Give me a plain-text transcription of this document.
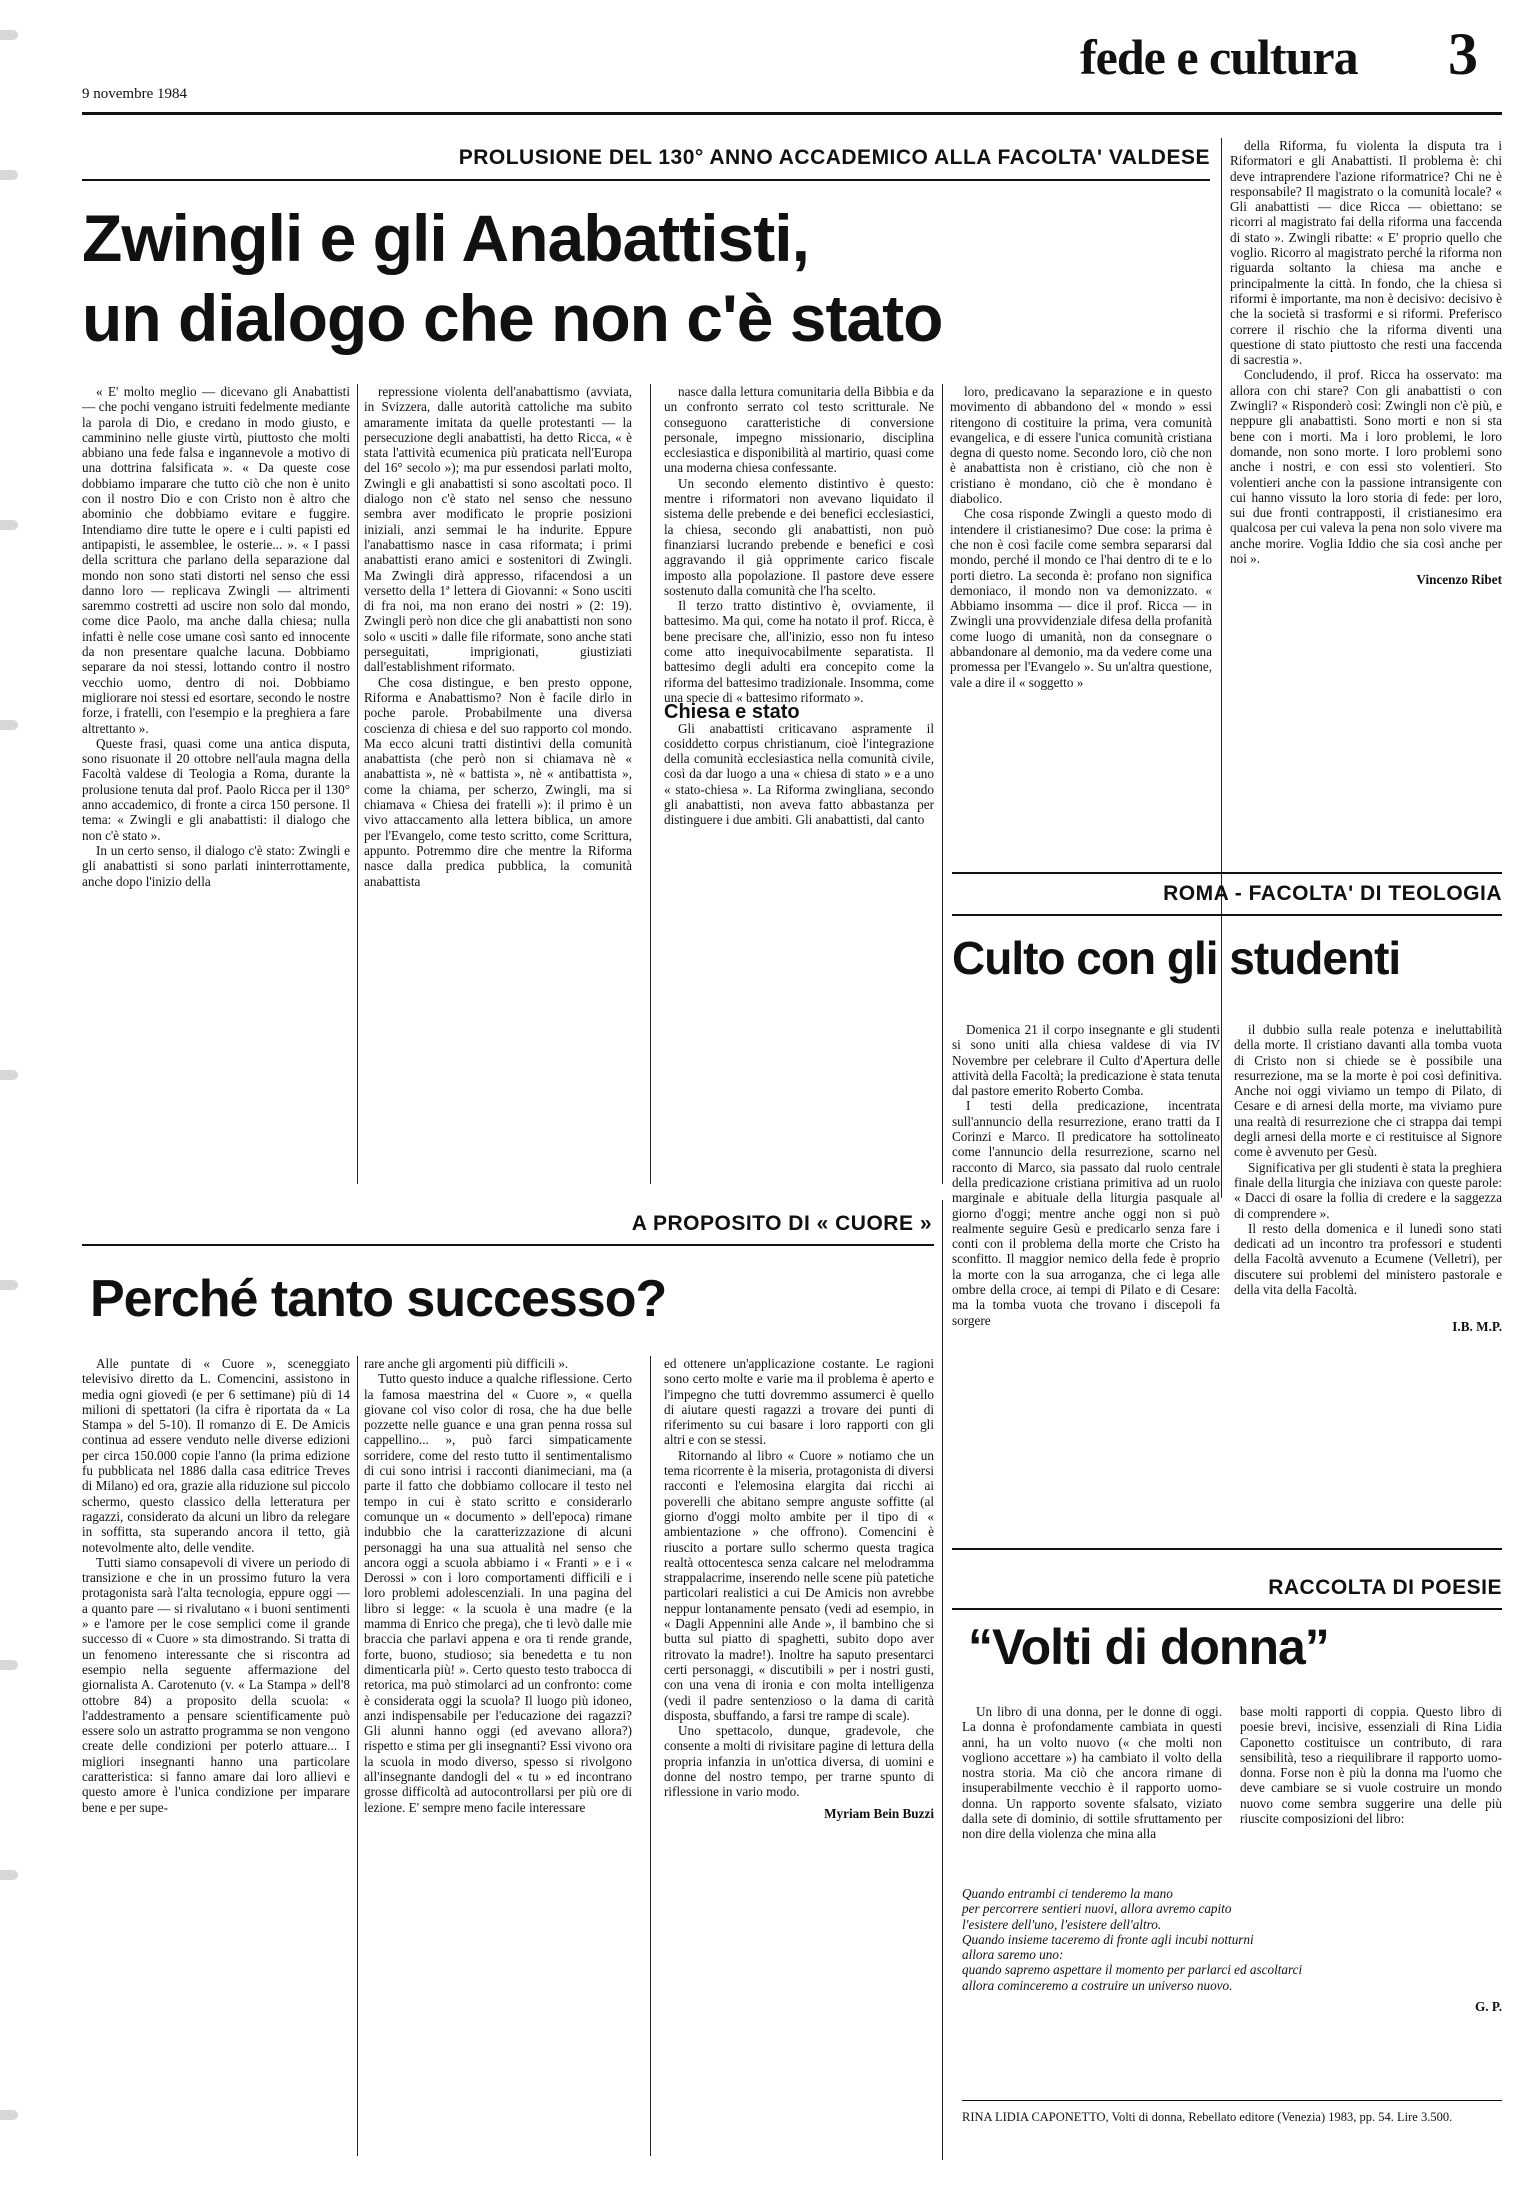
9 novembre 1984
fede e cultura 3
PROLUSIONE DEL 130° ANNO ACCADEMICO ALLA FACOLTA' VALDESE
Zwingli e gli Anabattisti,
un dialogo che non c'è stato

« E' molto meglio — dicevano gli Anabattisti — che pochi vengano istruiti fedelmente mediante la parola di Dio, e credano in modo giusto, e camminino nelle giuste virtù, piuttosto che molti abbiano una fede falsa e ingannevole a motivo di una dottrina falsificata ». « Da queste cose dobbiamo imparare che tutto ciò che non è unito con il nostro Dio e con Cristo non è altro che abominio che dobbiamo evitare e fuggire. Intendiamo dire tutte le opere e i culti papisti ed antipapisti, le assemblee, le osterie... ». « I passi della scrittura che parlano della separazione dal mondo non sono stati distorti nel senso che essi danno loro — replicava Zwingli — altrimenti saremmo costretti ad uscire non solo dal mondo, come dice Paolo, ma anche dalla chiesa; nulla infatti è nelle cose umane così santo ed innocente da non presentare qualche lacuna. Dobbiamo separare da noi stessi, lottando contro il nostro vecchio uomo, dentro di noi. Dobbiamo migliorare noi stessi ed esortare, secondo le nostre forze, i fratelli, con l'esempio e la preghiera a fare altrettanto ».

Queste frasi, quasi come una antica disputa, sono risuonate il 20 ottobre nell'aula magna della Facoltà valdese di Teologia a Roma, durante la prolusione tenuta dal prof. Paolo Ricca per il 130° anno accademico, di fronte a circa 150 persone. Il tema: « Zwingli e gli anabattisti: il dialogo che non c'è stato ».

In un certo senso, il dialogo c'è stato: Zwingli e gli anabattisti si sono parlati ininterrottamente, anche dopo l'inizio della

repressione violenta dell'anabattismo (avviata, in Svizzera, dalle autorità cattoliche ma subito amaramente imitata da quelle protestanti — la persecuzione degli anabattisti, ha detto Ricca, « è stata l'attività ecumenica più praticata nell'Europa del 16° secolo »); ma pur essendosi parlati molto, Zwingli e gli anabattisti si sono ascoltati poco. Il dialogo non c'è stato nel senso che nessuno sembra aver modificato le proprie posizioni iniziali, anzi semmai le ha indurite. Eppure l'anabattismo nasce in casa riformata; i primi anabattisti erano amici e sostenitori di Zwingli. Ma Zwingli dirà appresso, rifacendosi a un versetto della 1ª lettera di Giovanni: « Sono usciti di fra noi, ma non erano dei nostri » (2: 19). Zwingli però non dice che gli anabattisti non sono solo « usciti » dalle file riformate, sono anche stati perseguitati, imprigionati, giustiziati dall'establishment riformato.

Che cosa distingue, e ben presto oppone, Riforma e Anabattismo? Non è facile dirlo in poche parole. Probabilmente una diversa coscienza di chiesa e del suo rapporto col mondo. Ma ecco alcuni tratti distintivi della comunità anabattista (che però non si chiamava nè « anabattista », nè « battista », nè « antibattista », come la chiama, per scherzo, Zwingli, ma si chiamava « Chiesa dei fratelli »): il primo è un vivo attaccamento alla lettera biblica, un amore per l'Evangelo, come testo scritto, come Scrittura, appunto. Potremmo dire che mentre la Riforma nasce dalla predica pubblica, la comunità anabattista

nasce dalla lettura comunitaria della Bibbia e da un confronto serrato col testo scritturale. Ne conseguono caratteristiche di conversione personale, impegno missionario, disciplina ecclesiastica e disponibilità al martirio, quasi come una moderna chiesa confessante.

Un secondo elemento distintivo è questo: mentre i riformatori non avevano liquidato il sistema delle prebende e dei benefici ecclesiastici, la chiesa, secondo gli anabattisti, non può finanziarsi lucrando prebende e benefici e così aggravando il già opprimente carico fiscale imposto alla popolazione. Il pastore deve essere sostenuto dalla comunità che l'ha scelto.

Il terzo tratto distintivo è, ovviamente, il battesimo. Ma qui, come ha notato il prof. Ricca, è bene precisare che, all'inizio, esso non fu inteso come atto inequivocabilmente separatista. Il battesimo degli adulti era concepito come la riforma del battesimo tradizionale. Insomma, come una specie di « battesimo riformato ».

Chiesa e stato

Gli anabattisti criticavano aspramente il cosiddetto corpus christianum, cioè l'integrazione della comunità ecclesiastica nella comunità civile, così da dar luogo a una « chiesa di stato » e a uno « stato-chiesa ». La Riforma zwingliana, secondo gli anabattisti, non aveva fatto abbastanza per distinguere i due ambiti. Gli anabattisti, dal canto

loro, predicavano la separazione e in questo movimento di abbandono del « mondo » essi ritengono di costituire la prima, vera comunità evangelica, e di essere l'unica comunità cristiana degna di questo nome. Secondo loro, ciò che non è anabattista non è cristiano, ciò che non è cristiano è mondano, ciò che è mondano è diabolico.

Che cosa risponde Zwingli a questo modo di intendere il cristianesimo? Due cose: la prima è che non è così facile come sembra separarsi dal mondo, perché il mondo ce l'hai dentro di te e lo porti dietro. La seconda è: profano non significa demoniaco, il mondo non va demonizzato. « Abbiamo insomma — dice il prof. Ricca — in Zwingli una provvidenziale difesa della profanità come luogo di umanità, non da consegnare o abbandonare al demonio, ma da vedere come una promessa per l'Evangelo ». Su un'altra questione, vale a dire il « soggetto »

della Riforma, fu violenta la disputa tra i Riformatori e gli Anabattisti. Il problema è: chi deve intraprendere l'azione riformatrice? Chi ne è responsabile? Il magistrato o la comunità locale? « Gli anabattisti — dice Ricca — obiettano: se ricorri al magistrato fai della riforma una faccenda di stato ». Zwingli ribatte: « E' proprio quello che voglio. Ricorro al magistrato perché la riforma non riguarda soltanto la chiesa ma anche e principalmente la città. In fondo, che la chiesa si riformi è importante, ma non è decisivo: decisivo è che la società si trasformi e si riformi. Preferisco correre il rischio che la riforma diventi una questione di stato piuttosto che resti una faccenda di sacrestia ».

Concludendo, il prof. Ricca ha osservato: ma allora con chi stare? Con gli anabattisti o con Zwingli? « Risponderò così: Zwingli non c'è più, e neppure gli anabattisti. Sono morti e non si sta bene con i morti. Ma i loro problemi, le loro domande, non sono morte. I loro problemi sono anche i nostri, e con essi sto volentieri. Sto volentieri anche con la passione intransigente con cui hanno vissuto la loro storia di fede: per loro, sui due fronti contrapposti, il cristianesimo era qualcosa per cui valeva la pena non solo vivere ma anche morire. Voglia Iddio che sia così anche per noi ».

Vincenzo Ribet

ROMA - FACOLTA' DI TEOLOGIA
Culto con gli studenti

Domenica 21 il corpo insegnante e gli studenti si sono uniti alla chiesa valdese di via IV Novembre per celebrare il Culto d'Apertura delle attività della Facoltà; la predicazione è stata tenuta dal pastore emerito Roberto Comba.

I testi della predicazione, incentrata sull'annuncio della resurrezione, erano tratti da I Corinzi e Marco. Il predicatore ha sottolineato come l'annuncio della resurrezione, scarno nel racconto di Marco, sia passato dal ruolo centrale della predicazione cristiana primitiva ad un ruolo marginale e abituale della liturgia pasquale al giorno d'oggi; mentre anche oggi non si può realmente seguire Gesù e predicarlo senza fare i conti con il problema della morte che Cristo ha sconfitto. Il maggior nemico della fede è proprio la morte con la sua arroganza, che ci lega alle ombre della croce, ai tempi di Pilato e di Cesare: ma la tomba vuota che trovano i discepoli fa sorgere

il dubbio sulla reale potenza e ineluttabilità della morte. Il cristiano davanti alla tomba vuota di Cristo non si chiede se è possibile una resurrezione, ma se la morte è poi così definitiva. Anche noi oggi viviamo un tempo di Pilato, di Cesare e di arnesi della morte, ma viviamo pure una realtà di resurrezione che ci strappa dai tempi degli arnesi della morte e ci restituisce al Signore come è avvenuto per Gesù.

Significativa per gli studenti è stata la preghiera finale della liturgia che iniziava con queste parole: « Dacci di osare la follia di credere e la saggezza di comprendere ».

Il resto della domenica e il lunedì sono stati dedicati ad un incontro tra professori e studenti della Facoltà avvenuto a Ecumene (Velletri), per discutere sui problemi del ministero pastorale e della vita della Facoltà.

I.B. M.P.

A PROPOSITO DI « CUORE »
Perché tanto successo?

Alle puntate di « Cuore », sceneggiato televisivo diretto da L. Comencini, assistono in media ogni giovedì (e per 6 settimane) più di 14 milioni di spettatori (la cifra è riportata da « La Stampa » del 5-10). Il romanzo di E. De Amicis continua ad essere venduto nelle diverse edizioni per circa 150.000 copie l'anno (la prima edizione fu pubblicata nel 1886 dalla casa editrice Treves di Milano) ed ora, grazie alla riduzione sul piccolo schermo, questo classico della letteratura per ragazzi, considerato da alcuni un libro da relegare in soffitta, sta superando ancora il tetto, già notevolmente alto, delle vendite.

Tutti siamo consapevoli di vivere un periodo di transizione e che in un prossimo futuro la vera protagonista sarà l'alta tecnologia, eppure oggi — a quanto pare — si rivalutano « i buoni sentimenti » e l'amore per le cose semplici come il grande successo di « Cuore » sta dimostrando. Si tratta di un fenomeno interessante che si riscontra ad esempio nella seguente affermazione del giornalista A. Carotenuto (v. « La Stampa » dell'8 ottobre 84) a proposito della scuola: « l'addestramento a pensare scientificamente può essere solo un astratto programma se non vengono create delle condizioni per poterlo attuare... I migliori insegnanti hanno una particolare caratteristica: si fanno amare dai loro allievi e questo amore è l'unica condizione per imparare bene e per supe-

rare anche gli argomenti più difficili ».

Tutto questo induce a qualche riflessione. Certo la famosa maestrina del « Cuore », « quella giovane col viso color di rosa, che ha due belle pozzette nelle guance e una gran penna rossa sul cappellino... », può farci simpaticamente sorridere, come del resto tutto il sentimentalismo di cui sono intrisi i racconti dianimeciani, ma (a parte il fatto che dobbiamo collocare il testo nel tempo in cui è stato scritto e considerarlo comunque un « documento » dell'epoca) rimane indubbio che la caratterizzazione di alcuni personaggi ha una sua attualità nel senso che ancora oggi a scuola abbiamo i « Franti » e i « Derossi » con i loro comportamenti difficili e i loro problemi adolescenziali. In una pagina del libro si legge: « la scuola è una madre (e la mamma di Enrico che prega), che ti levò dalle mie braccia che parlavi appena e ora ti rende grande, forte, buono, studioso; sia benedetta e tu non dimenticarla più! ». Certo questo testo trabocca di retorica, ma può stimolarci ad un confronto: come è considerata oggi la scuola? Il luogo più idoneo, anzi indispensabile per l'educazione dei ragazzi? Gli alunni hanno oggi (ed avevano allora?) rispetto e stima per gli insegnanti? Essi vivono ora la scuola in modo diverso, spesso si rivolgono all'insegnante dandogli del « tu » ed incontrano grosse difficoltà ad autocontrollarsi per più ore di lezione. E' sempre meno facile interessare

ed ottenere un'applicazione costante. Le ragioni sono certo molte e varie ma il problema è aperto e l'impegno che tutti dovremmo assumerci è quello di aiutare questi ragazzi a trovare dei punti di riferimento su cui basare i loro rapporti con gli altri e con se stessi.

Ritornando al libro « Cuore » notiamo che un tema ricorrente è la miseria, protagonista di diversi racconti e l'elemosina elargita dai ricchi ai poverelli che abitano sempre anguste soffitte (al giorno d'oggi molto ambite per il tipo di « ambientazione » che offrono). Comencini è riuscito a portare sullo schermo questa tragica realtà ottocentesca senza calcare nel melodramma strappalacrime, inserendo nelle scene più patetiche particolari realistici a cui De Amicis non avrebbe neppur lontanamente pensato (vedi ad esempio, in « Dagli Appennini alle Ande », il bambino che si butta sul piatto di spaghetti, subito dopo aver ritrovato la madre!). Inoltre ha saputo presentarci certi personaggi, « discutibili » per i nostri gusti, con una vena di ironia e con molta intelligenza (vedi il padre sentenzioso o la dama di carità disposta, sbuffando, a farsi tre rampe di scale).

Uno spettacolo, dunque, gradevole, che consente a molti di rivisitare pagine di lettura della propria infanzia in un'ottica diversa, di uomini e donne del nostro tempo, per trarne spunto di riflessione in vario modo.

Myriam Bein Buzzi

RACCOLTA DI POESIE
“Volti di donna”

Un libro di una donna, per le donne di oggi. La donna è profondamente cambiata in questi anni, ha un volto nuovo (« che molti non vogliono accettare ») ha cambiato il volto della nostra storia. Ma ciò che ancora rimane di insuperabilmente vecchio è il rapporto uomo-donna. Un rapporto sovente sfalsato, viziato dalla sete di dominio, di sottile sfruttamento per non dire della violenza che mina alla

base molti rapporti di coppia. Questo libro di poesie brevi, incisive, essenziali di Rina Lidia Caponetto costituisce un contributo, di rara sensibilità, teso a riequilibrare il rapporto uomo-donna. Forse non è più la donna ma l'uomo che deve cambiare se si vuole costruire un mondo nuovo come sembra suggerire una delle più riuscite composizioni del libro:

Quando entrambi ci tenderemo la mano

per percorrere sentieri nuovi, allora avremo capito

l'esistere dell'uno, l'esistere dell'altro.

Quando insieme taceremo di fronte agli incubi notturni

allora saremo uno:

quando sapremo aspettare il momento per parlarci ed ascoltarci

allora cominceremo a costruire un universo nuovo.

G. P.

RINA LIDIA CAPONETTO, Volti di donna, Rebellato editore (Venezia) 1983, pp. 54. Lire 3.500.
